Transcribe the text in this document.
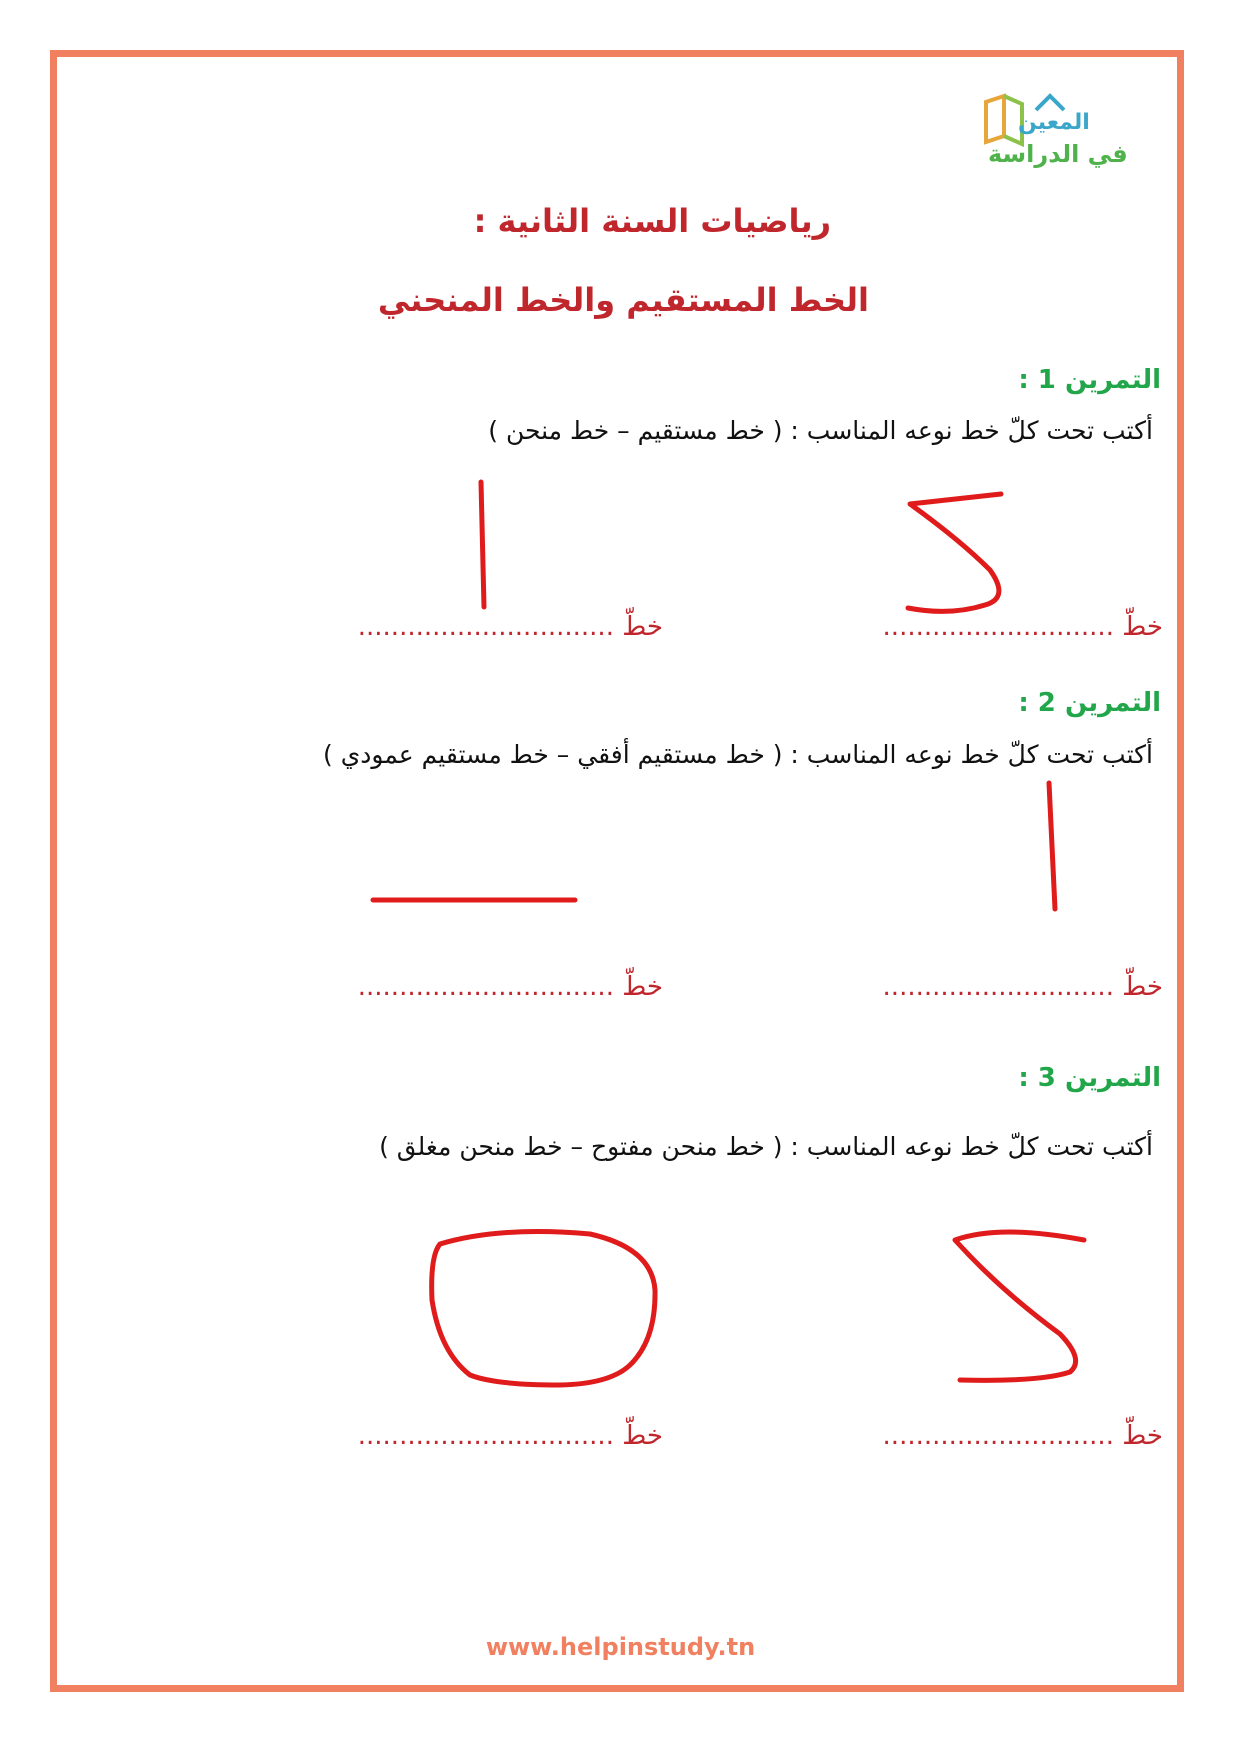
المعين
في الدراسة
رياضيات السنة الثانية :
الخط المستقيم والخط المنحني
التمرين 1 :
أكتب تحت كلّ خط نوعه المناسب : ( خط مستقيم – خط منحن )
خطّ ............................
خطّ ...............................
التمرين 2 :
أكتب تحت كلّ خط نوعه المناسب : ( خط مستقيم أفقي – خط مستقيم عمودي )
خطّ ............................
خطّ ...............................
التمرين 3 :
أكتب تحت كلّ خط نوعه المناسب : ( خط منحن مفتوح – خط منحن مغلق )
خطّ ............................
خطّ ...............................
www.helpinstudy.tn
